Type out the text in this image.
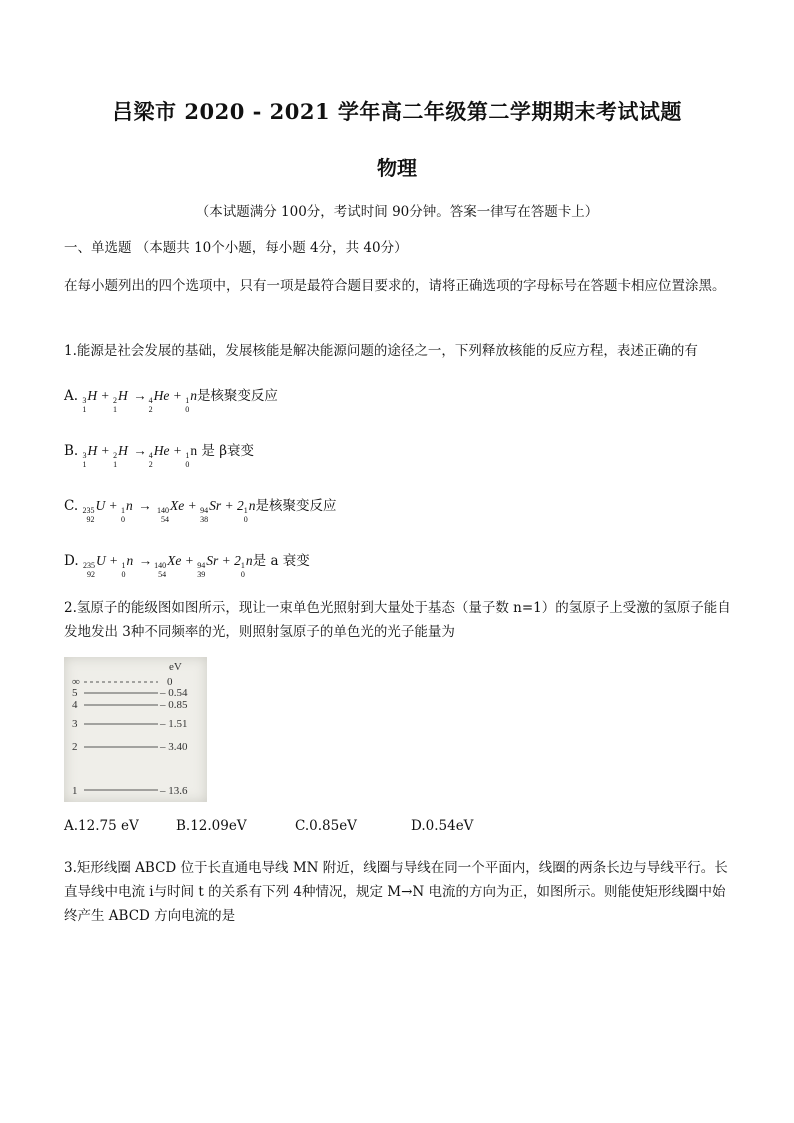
吕梁市 2020 - 2021 学年高二年级第二学期期末考试试题
物理
（本试题满分 100分，考试时间 90分钟。答案一律写在答题卡上）
一、单选题 （本题共 10个小题，每小题 4分，共 40分）
在每小题列出的四个选项中，只有一项是最符合题目要求的，请将正确选项的字母标号在答题卡相应位置涂黑。
1.能源是社会发展的基础，发展核能是解决能源问题的途径之一，下列释放核能的反应方程，表述正确的有
A. 3
1
H + 2
1
H → 4
2
He + 1
0
n是核聚变反应
B. 3
1
H + 2
1
H → 4
2
He + 1
0
n 是 β衰变
C. 235
92
U + 1
0
n → 140
54
Xe + 94
38
Sr + 2 1
0
n是核聚变反应
D. 235
92
U + 1
0
n → 140
54
Xe + 94
39
Sr + 2 1
0
n是 a 衰变
2.氢原子的能级图如图所示，现让一束单色光照射到大量处于基态（量子数 n=1）的氢原子上受激的氢原子能自发地发出 3种不同频率的光，则照射氢原子的单色光的光子能量为
eV
∞	0
5	– 0.54
4	– 0.85
3	– 1.51
2	– 3.40
1	– 13.6
A.12.75 eV	B.12.09eV	C.0.85eV	D.0.54eV
3.矩形线圈 ABCD 位于长直通电导线 MN 附近，线圈与导线在同一个平面内，线圈的两条长边与导线平行。长直导线中电流 i与时间 t 的关系有下列 4种情况，规定 M→N 电流的方向为正，如图所示。则能使矩形线圈中始终产生 ABCD 方向电流的是
